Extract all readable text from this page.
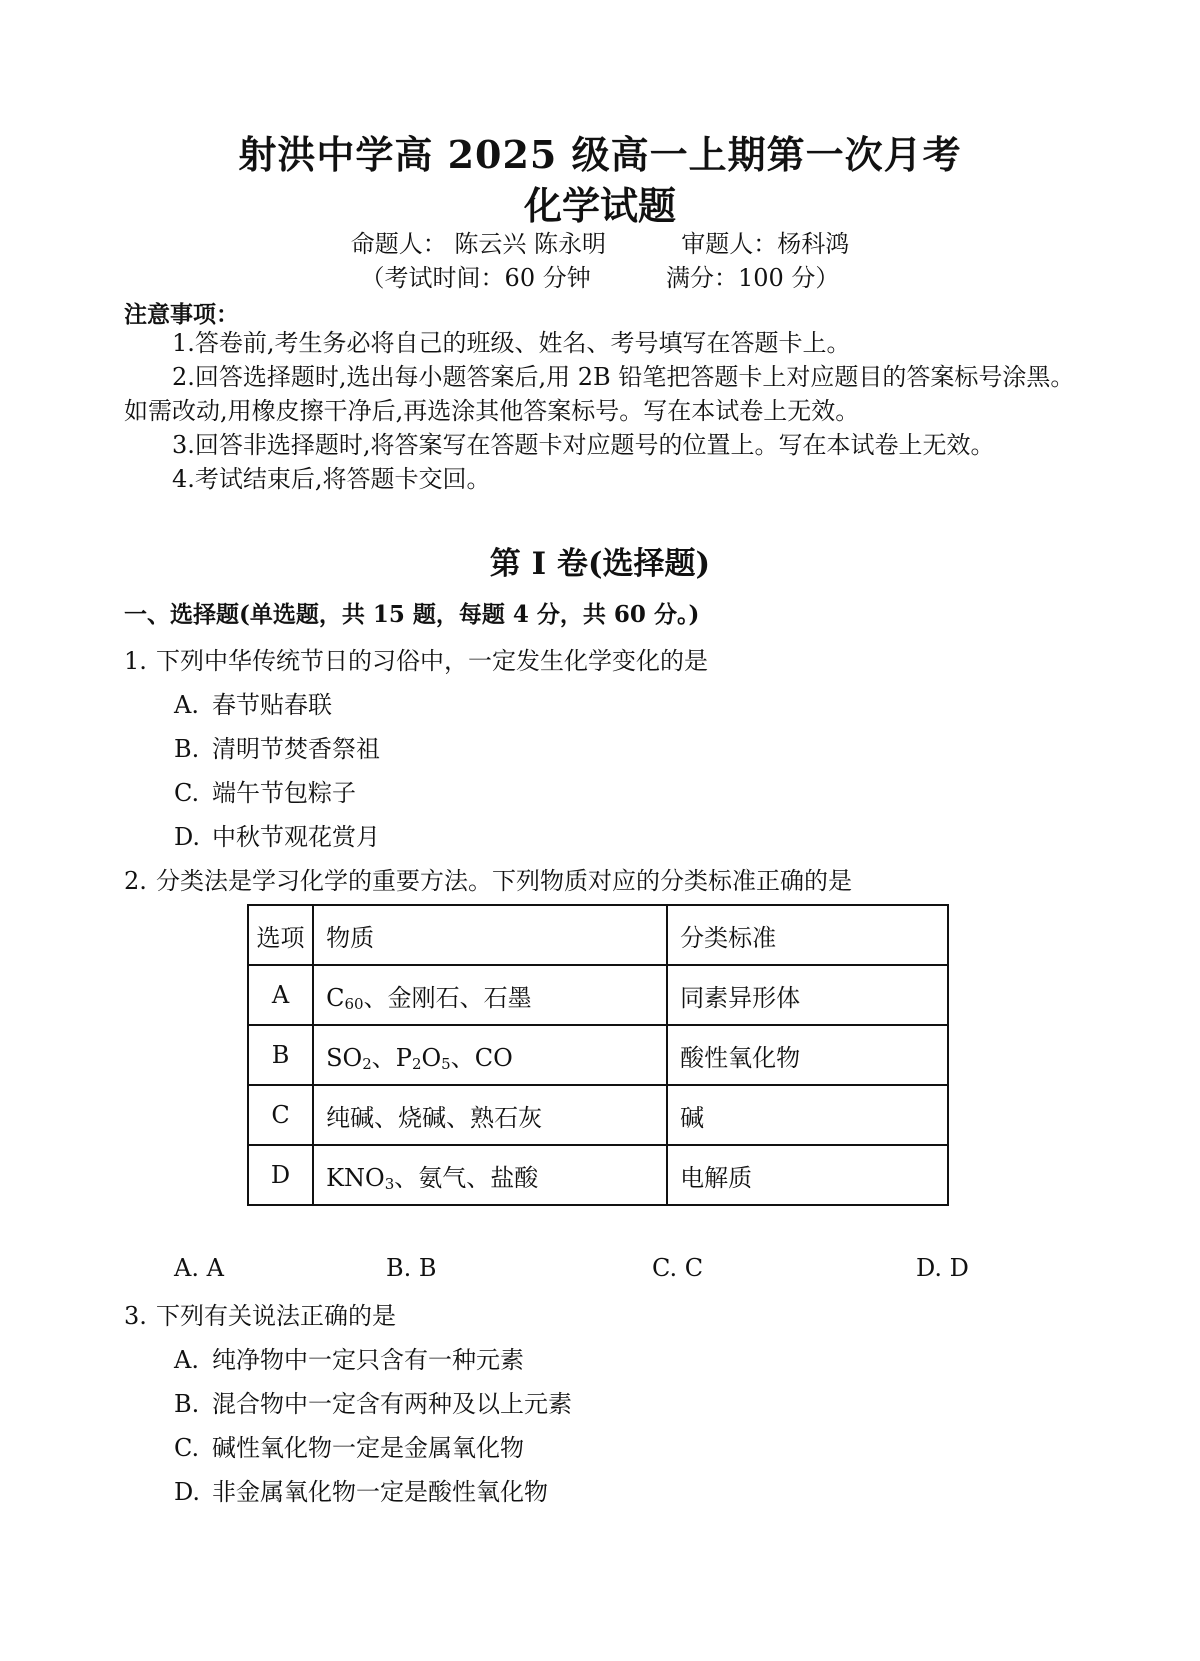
射洪中学高 2025 级高一上期第一次月考
化学试题
命题人： 陈云兴 陈永明	审题人：杨科鸿
（考试时间：60 分钟	满分：100 分）
注意事项：
1.答卷前,考生务必将自己的班级、姓名、考号填写在答题卡上。
2.回答选择题时,选出每小题答案后,用 2B 铅笔把答题卡上对应题目的答案标号涂黑。如需改动,用橡皮擦干净后,再选涂其他答案标号。写在本试卷上无效。
3.回答非选择题时,将答案写在答题卡对应题号的位置上。写在本试卷上无效。
4.考试结束后,将答题卡交回。
第 I 卷(选择题)
一、选择题(单选题，共 15 题，每题 4 分，共 60 分。)
1. 下列中华传统节日的习俗中，一定发生化学变化的是
A. 春节贴春联
B. 清明节焚香祭祖
C. 端午节包粽子
D. 中秋节观花赏月
2. 分类法是学习化学的重要方法。下列物质对应的分类标准正确的是
选项	物质	分类标准
A	$C_{60}$、金刚石、石墨	同素异形体
B	$SO_2$、$P_2O_5$、CO	酸性氧化物
C	纯碱、烧碱、熟石灰	碱
D	$KNO_3$、氨气、盐酸	电解质
A. A	B. B	C. C	D. D
3. 下列有关说法正确的是
A. 纯净物中一定只含有一种元素
B. 混合物中一定含有两种及以上元素
C. 碱性氧化物一定是金属氧化物
D. 非金属氧化物一定是酸性氧化物
